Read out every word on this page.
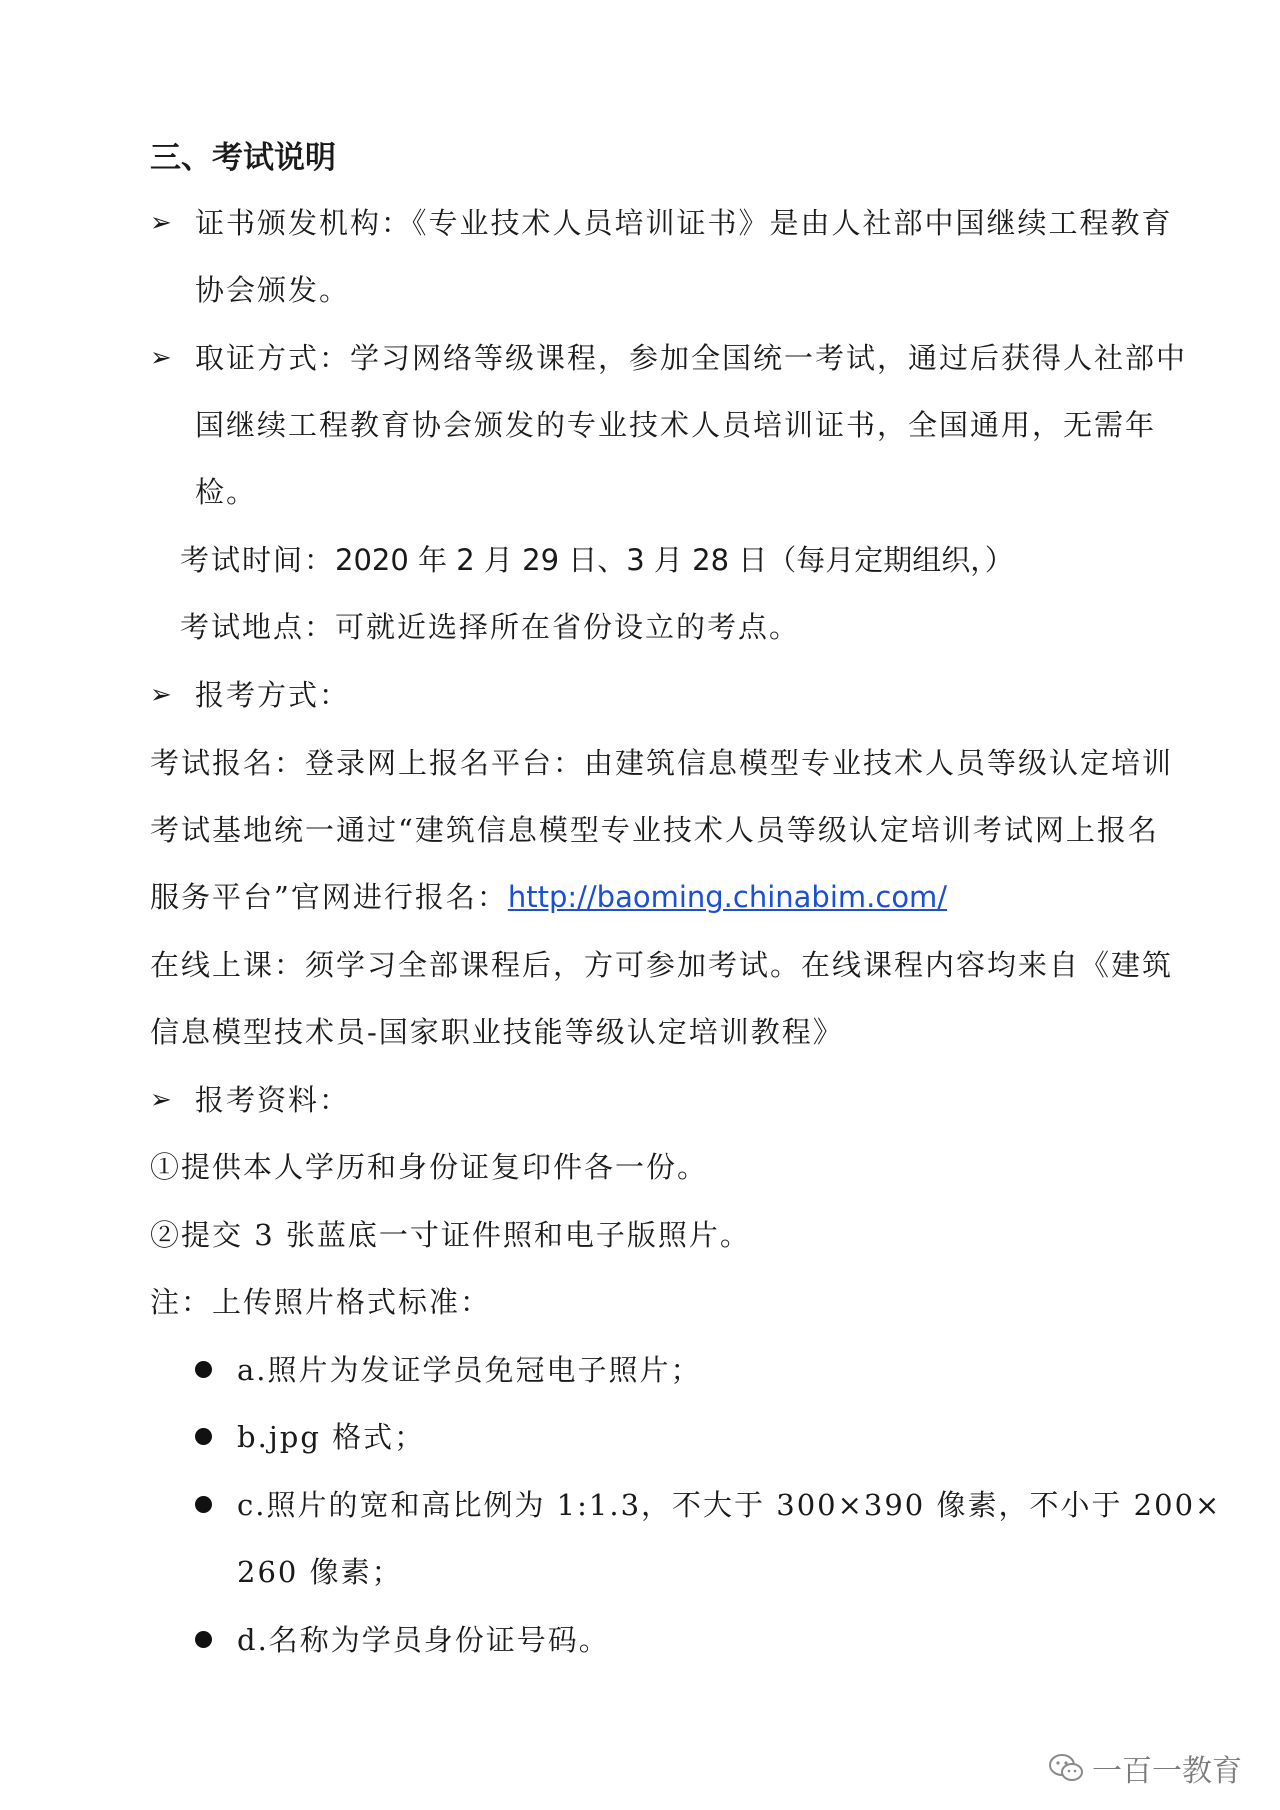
三、考试说明
➢ 证书颁发机构：《专业技术人员培训证书》是由人社部中国继续工程教育
协会颁发。
➢ 取证方式：学习网络等级课程，参加全国统一考试，通过后获得人社部中
国继续工程教育协会颁发的专业技术人员培训证书，全国通用，无需年
检。
考试时间：2020 年 2 月 29 日、3 月 28 日（每月定期组织，）
考试地点：可就近选择所在省份设立的考点。
➢ 报考方式：
考试报名：登录网上报名平台：由建筑信息模型专业技术人员等级认定培训
考试基地统一通过“建筑信息模型专业技术人员等级认定培训考试网上报名
服务平台”官网进行报名：http://baoming.chinabim.com/
在线上课：须学习全部课程后，方可参加考试。在线课程内容均来自《建筑
信息模型技术员-国家职业技能等级认定培训教程》
➢ 报考资料：
①提供本人学历和身份证复印件各一份。
②提交 3 张蓝底一寸证件照和电子版照片。
注：上传照片格式标准：
a.照片为发证学员免冠电子照片；
b.jpg 格式；
c.照片的宽和高比例为 1:1.3，不大于 300×390 像素，不小于 200×
260 像素；
d.名称为学员身份证号码。
一百一教育
